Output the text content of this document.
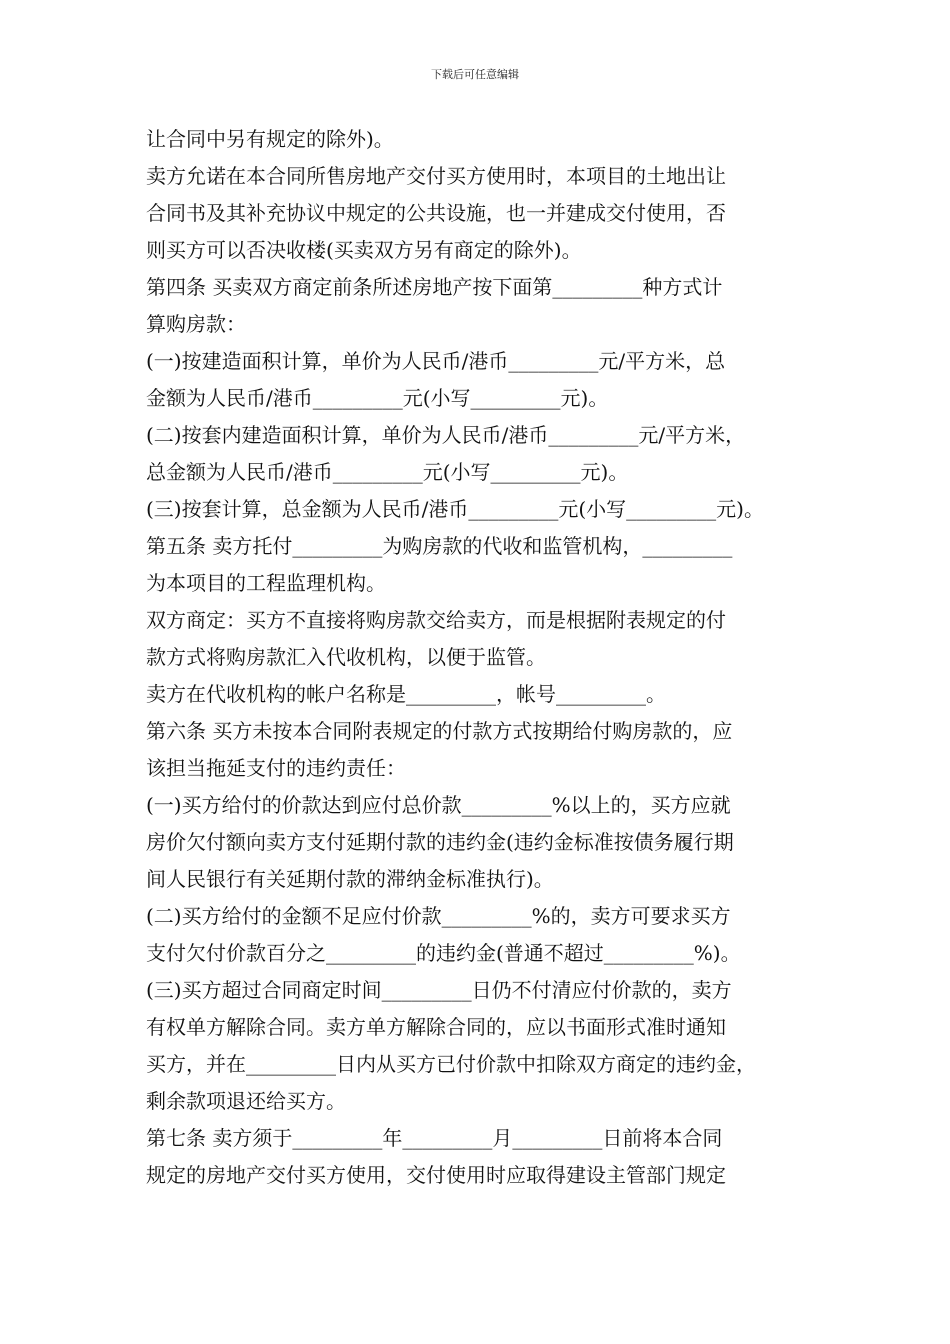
下载后可任意编辑
让合同中另有规定的除外)。
卖方允诺在本合同所售房地产交付买方使用时，本项目的土地出让
合同书及其补充协议中规定的公共设施，也一并建成交付使用，否
则买方可以否决收楼(买卖双方另有商定的除外)。
第四条 买卖双方商定前条所述房地产按下面第_________种方式计
算购房款：
(一)按建造面积计算，单价为人民币/港币_________元/平方米，总
金额为人民币/港币_________元(小写_________元)。
(二)按套内建造面积计算，单价为人民币/港币_________元/平方米，
总金额为人民币/港币_________元(小写_________元)。
(三)按套计算，总金额为人民币/港币_________元(小写_________元)。
第五条 卖方托付_________为购房款的代收和监管机构，_________
为本项目的工程监理机构。
双方商定：买方不直接将购房款交给卖方，而是根据附表规定的付
款方式将购房款汇入代收机构，以便于监管。
卖方在代收机构的帐户名称是_________，帐号_________。
第六条 买方未按本合同附表规定的付款方式按期给付购房款的，应
该担当拖延支付的违约责任：
(一)买方给付的价款达到应付总价款_________%以上的，买方应就
房价欠付额向卖方支付延期付款的违约金(违约金标准按债务履行期
间人民银行有关延期付款的滞纳金标准执行)。
(二)买方给付的金额不足应付价款_________%的，卖方可要求买方
支付欠付价款百分之_________的违约金(普通不超过_________%)。
(三)买方超过合同商定时间_________日仍不付清应付价款的，卖方
有权单方解除合同。卖方单方解除合同的，应以书面形式准时通知
买方，并在_________日内从买方已付价款中扣除双方商定的违约金，
剩余款项退还给买方。
第七条 卖方须于_________年_________月_________日前将本合同
规定的房地产交付买方使用，交付使用时应取得建设主管部门规定
